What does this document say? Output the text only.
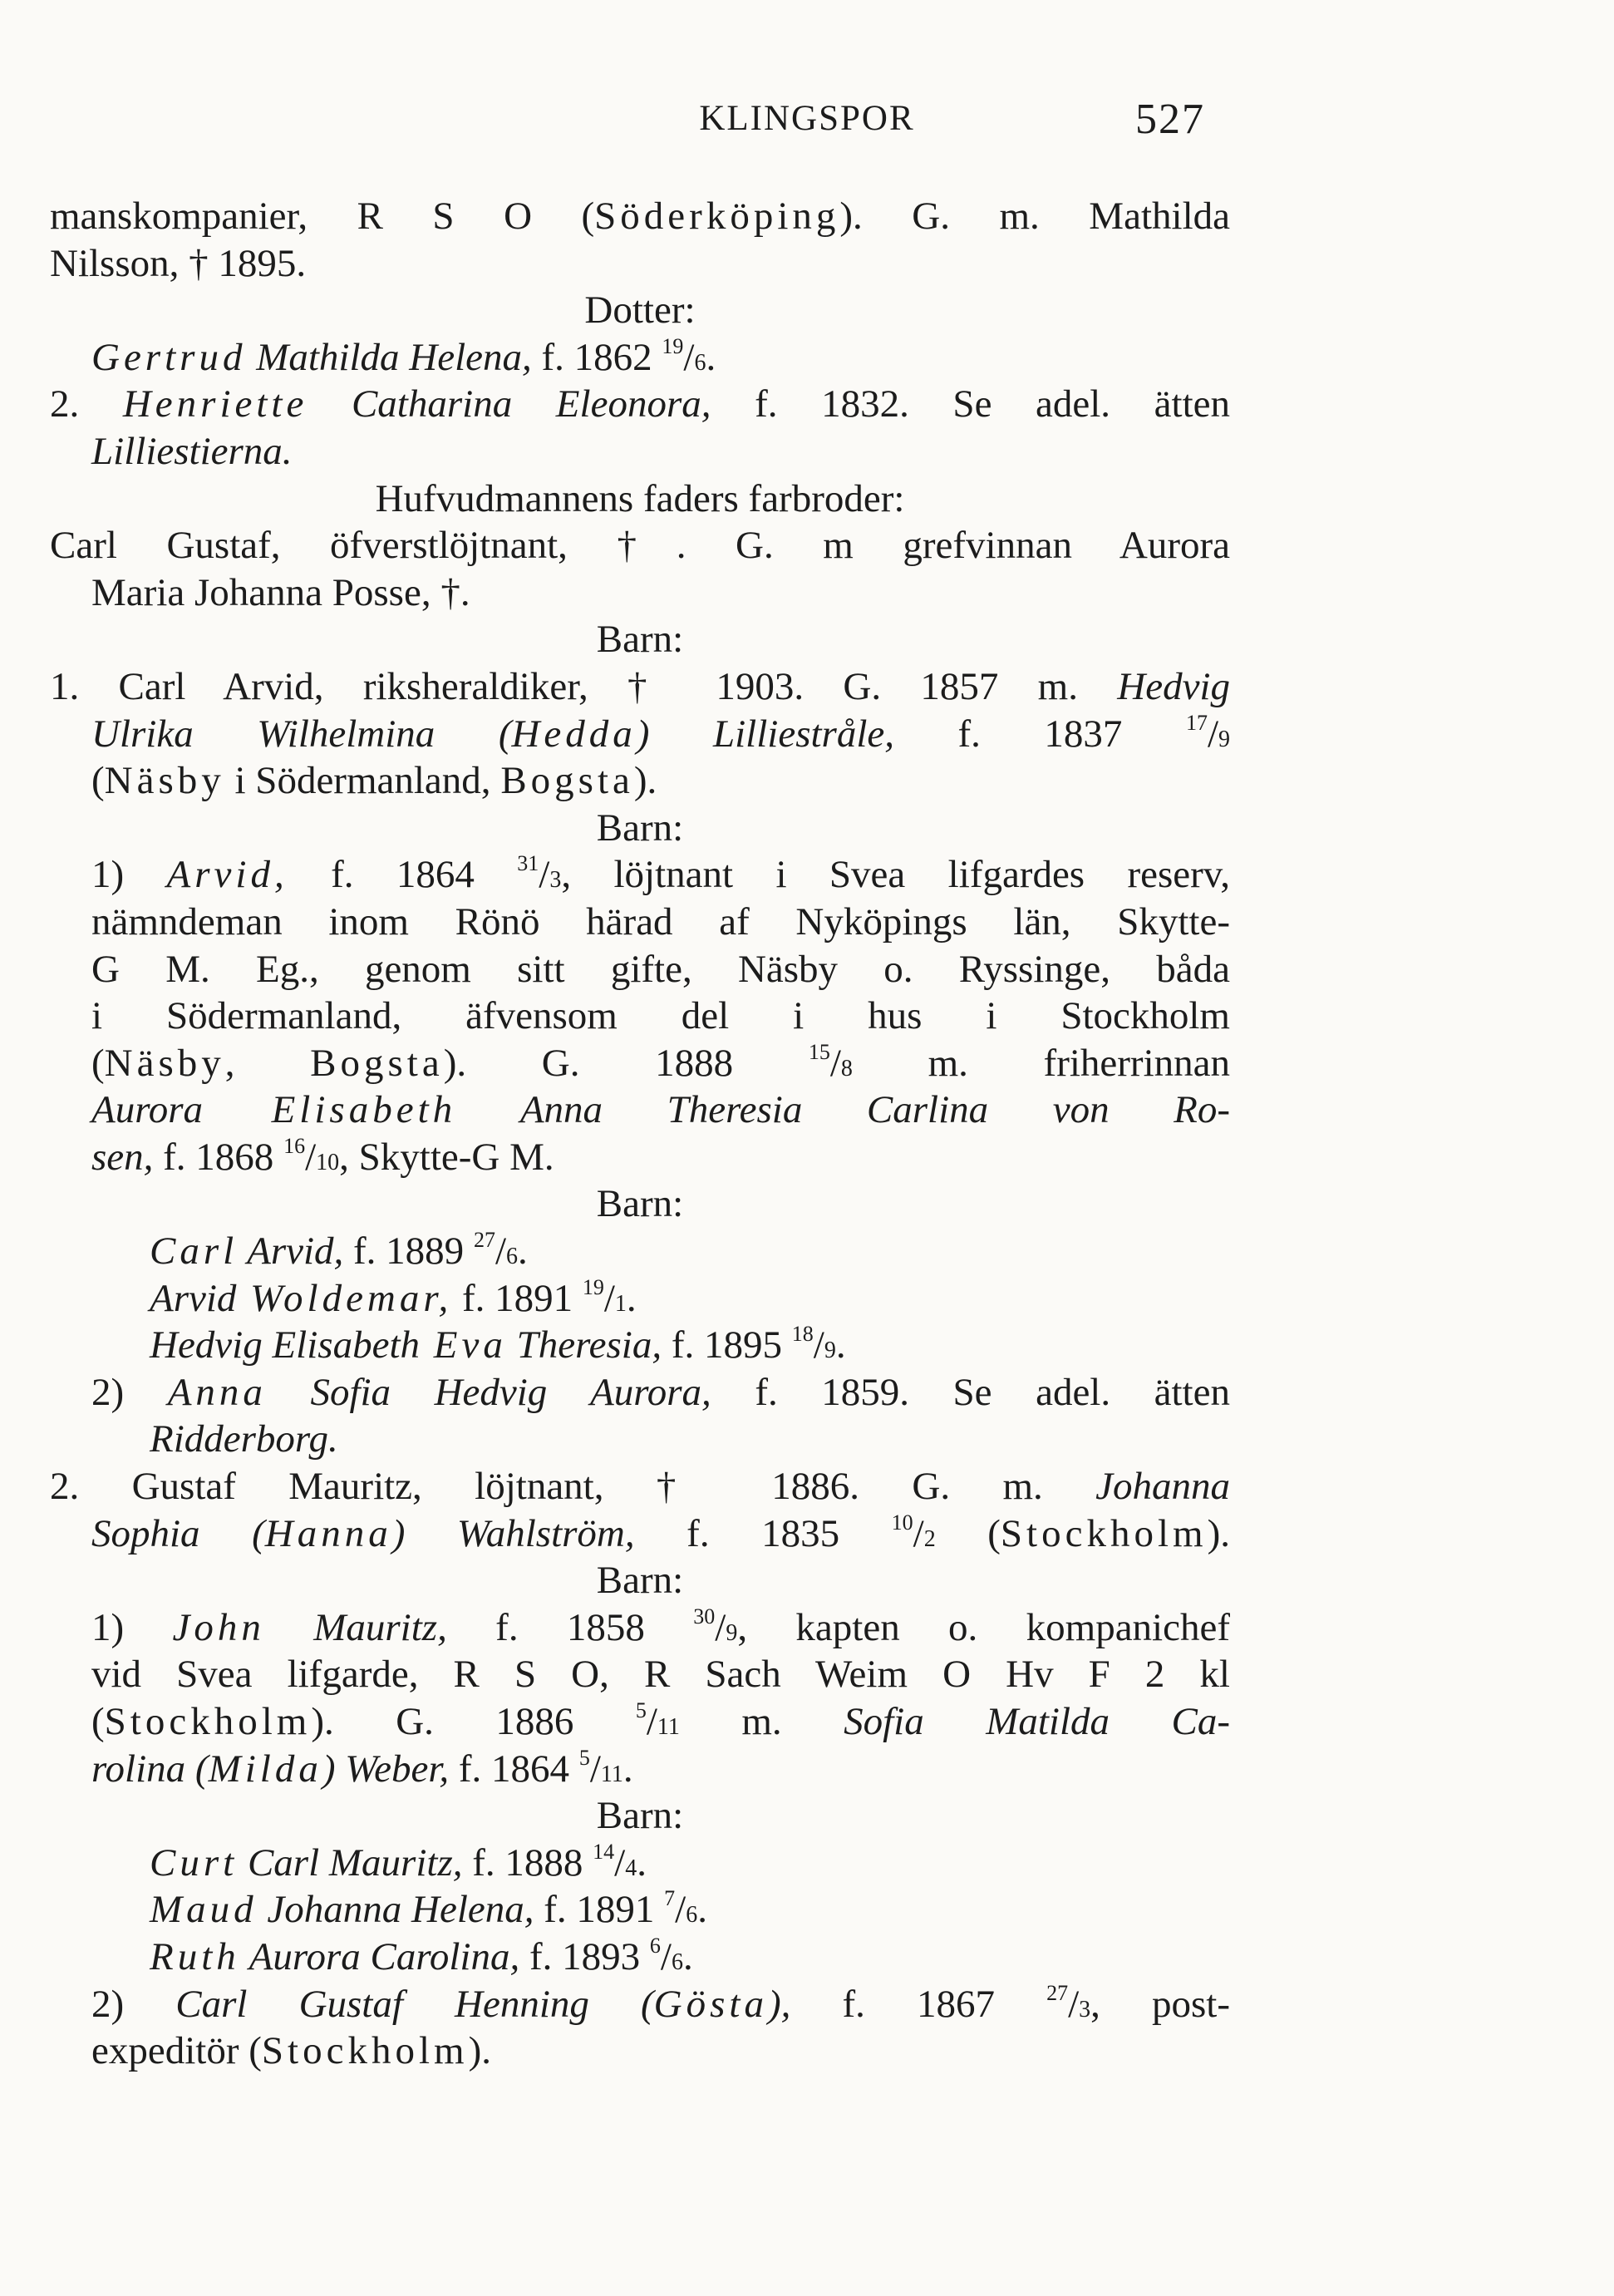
KLINGSPOR	527
manskompanier, R S O (Söderköping). G. m. Mathilda
Nilsson, † 1895.
Dotter:
Gertrud Mathilda Helena, f. 1862 $^{19}$/6.
2. Henriette Catharina Eleonora, f. 1832. Se adel. ätten
Lilliestierna.
Hufvudmannens faders farbroder:
Carl Gustaf, öfverstlöjtnant, †. G. m grefvinnan Aurora
Maria Johanna Posse, †.
Barn:
1. Carl Arvid, riksheraldiker, † 1903. G. 1857 m. Hedvig
Ulrika Wilhelmina (Hedda) Lilliestråle, f. 1837 $^{17}$/9
(Näsby i Södermanland, Bogsta).
Barn:
1) Arvid, f. 1864 $^{31}$/3, löjtnant i Svea lifgardes reserv,
nämndeman inom Rönö härad af Nyköpings län, Skytte-
G M. Eg., genom sitt gifte, Näsby o. Ryssinge, båda
i Södermanland, äfvensom del i hus i Stockholm
(Näsby, Bogsta). G. 1888 $^{15}$/8 m. friherrinnan
Aurora Elisabeth Anna Theresia Carlina von Ro-
sen, f. 1868 $^{16}$/10, Skytte-G M.
Barn:
Carl Arvid, f. 1889 $^{27}$/6.
Arvid Woldemar, f. 1891 $^{19}$/1.
Hedvig Elisabeth Eva Theresia, f. 1895 $^{18}$/9.
2) Anna Sofia Hedvig Aurora, f. 1859. Se adel. ätten
Ridderborg.
2. Gustaf Mauritz, löjtnant, † 1886. G. m. Johanna
Sophia (Hanna) Wahlström, f. 1835 $^{10}$/2 (Stockholm).
Barn:
1) John Mauritz, f. 1858 $^{30}$/9, kapten o. kompanichef
vid Svea lifgarde, R S O, R Sach Weim O Hv F 2 kl
(Stockholm). G. 1886 $^5$/11 m. Sofia Matilda Ca-
rolina (Milda) Weber, f. 1864 $^5$/11.
Barn:
Curt Carl Mauritz, f. 1888 $^{14}$/4.
Maud Johanna Helena, f. 1891 $^7$/6.
Ruth Aurora Carolina, f. 1893 $^6$/6.
2) Carl Gustaf Henning (Gösta), f. 1867 $^{27}$/3, post-
expeditör (Stockholm).
